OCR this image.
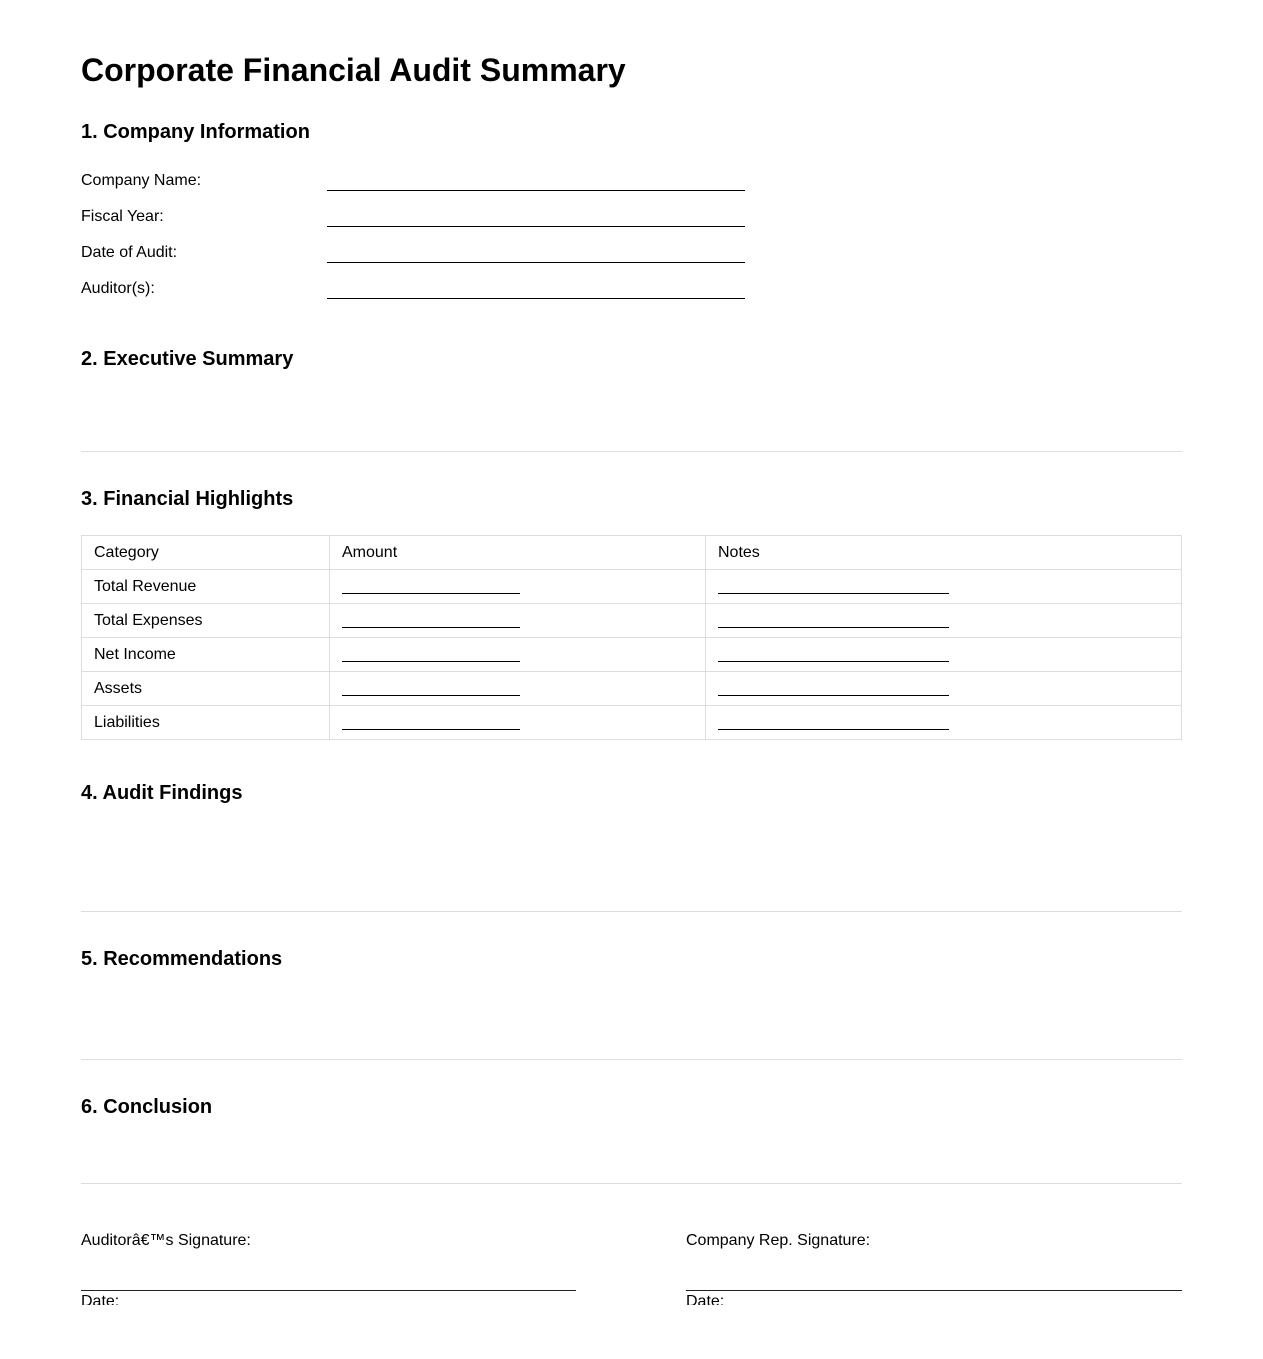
Corporate Financial Audit Summary
1. Company Information
Company Name:
Fiscal Year:
Date of Audit:
Auditor(s):
2. Executive Summary
3. Financial Highlights
Category	Amount	Notes
Total Revenue		
Total Expenses		
Net Income		
Assets		
Liabilities		
4. Audit Findings
5. Recommendations
6. Conclusion
Auditorâ€™s Signature:
Date:
Company Rep. Signature:
Date:
